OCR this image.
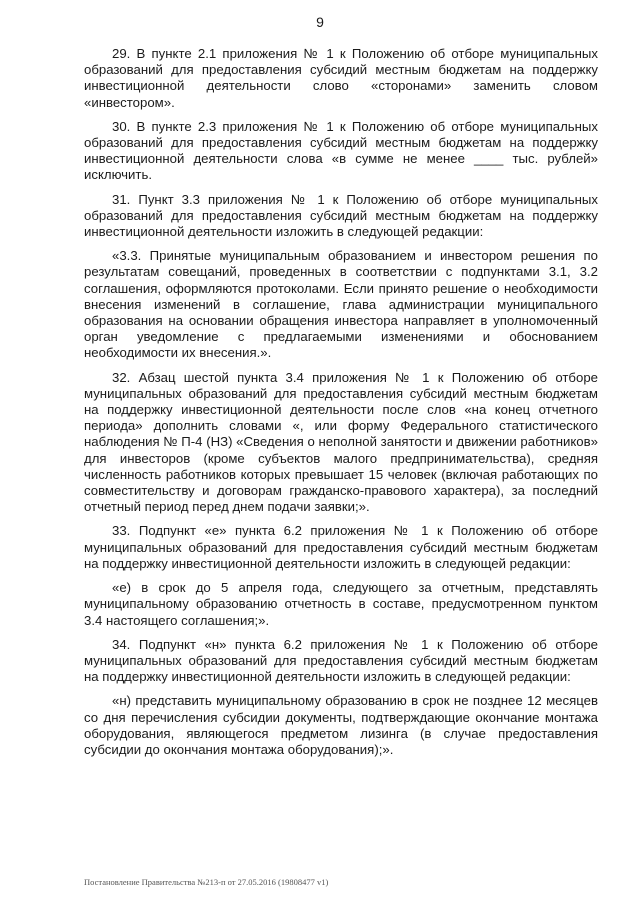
9

29. В пункте 2.1 приложения № 1 к Положению об отборе муниципальных образований для предоставления субсидий местным бюджетам на поддержку инвестиционной деятельности слово «сторонами» заменить словом «инвестором».

30. В пункте 2.3 приложения № 1 к Положению об отборе муниципальных образований для предоставления субсидий местным бюджетам на поддержку инвестиционной деятельности слова «в сумме не менее ____ тыс. рублей» исключить.

31. Пункт 3.3 приложения № 1 к Положению об отборе муниципальных образований для предоставления субсидий местным бюджетам на поддержку инвестиционной деятельности изложить в следующей редакции:

«3.3. Принятые муниципальным образованием и инвестором решения по результатам совещаний, проведенных в соответствии с подпунктами 3.1, 3.2 соглашения, оформляются протоколами. Если принято решение о необходимости внесения изменений в соглашение, глава администрации муниципального образования на основании обращения инвестора направляет в уполномоченный орган уведомление с предлагаемыми изменениями и обоснованием необходимости их внесения.».

32. Абзац шестой пункта 3.4 приложения № 1 к Положению об отборе муниципальных образований для предоставления субсидий местным бюджетам на поддержку инвестиционной деятельности после слов «на конец отчетного периода» дополнить словами «, или форму Федерального статистического наблюдения № П-4 (НЗ) «Сведения о неполной занятости и движении работников» для инвесторов (кроме субъектов малого предпринимательства), средняя численность работников которых превышает 15 человек (включая работающих по совместительству и договорам гражданско-правового характера), за последний отчетный период перед днем подачи заявки;».

33. Подпункт «е» пункта 6.2 приложения № 1 к Положению об отборе муниципальных образований для предоставления субсидий местным бюджетам на поддержку инвестиционной деятельности изложить в следующей редакции:

«е) в срок до 5 апреля года, следующего за отчетным, представлять муниципальному образованию отчетность в составе, предусмотренном пунктом 3.4 настоящего соглашения;».

34. Подпункт «н» пункта 6.2 приложения № 1 к Положению об отборе муниципальных образований для предоставления субсидий местным бюджетам на поддержку инвестиционной деятельности изложить в следующей редакции:

«н) представить муниципальному образованию в срок не позднее 12 месяцев со дня перечисления субсидии документы, подтверждающие окончание монтажа оборудования, являющегося предметом лизинга (в случае предоставления субсидии до окончания монтажа оборудования);».

Постановление Правительства №213-п от 27.05.2016 (19808477 v1)
